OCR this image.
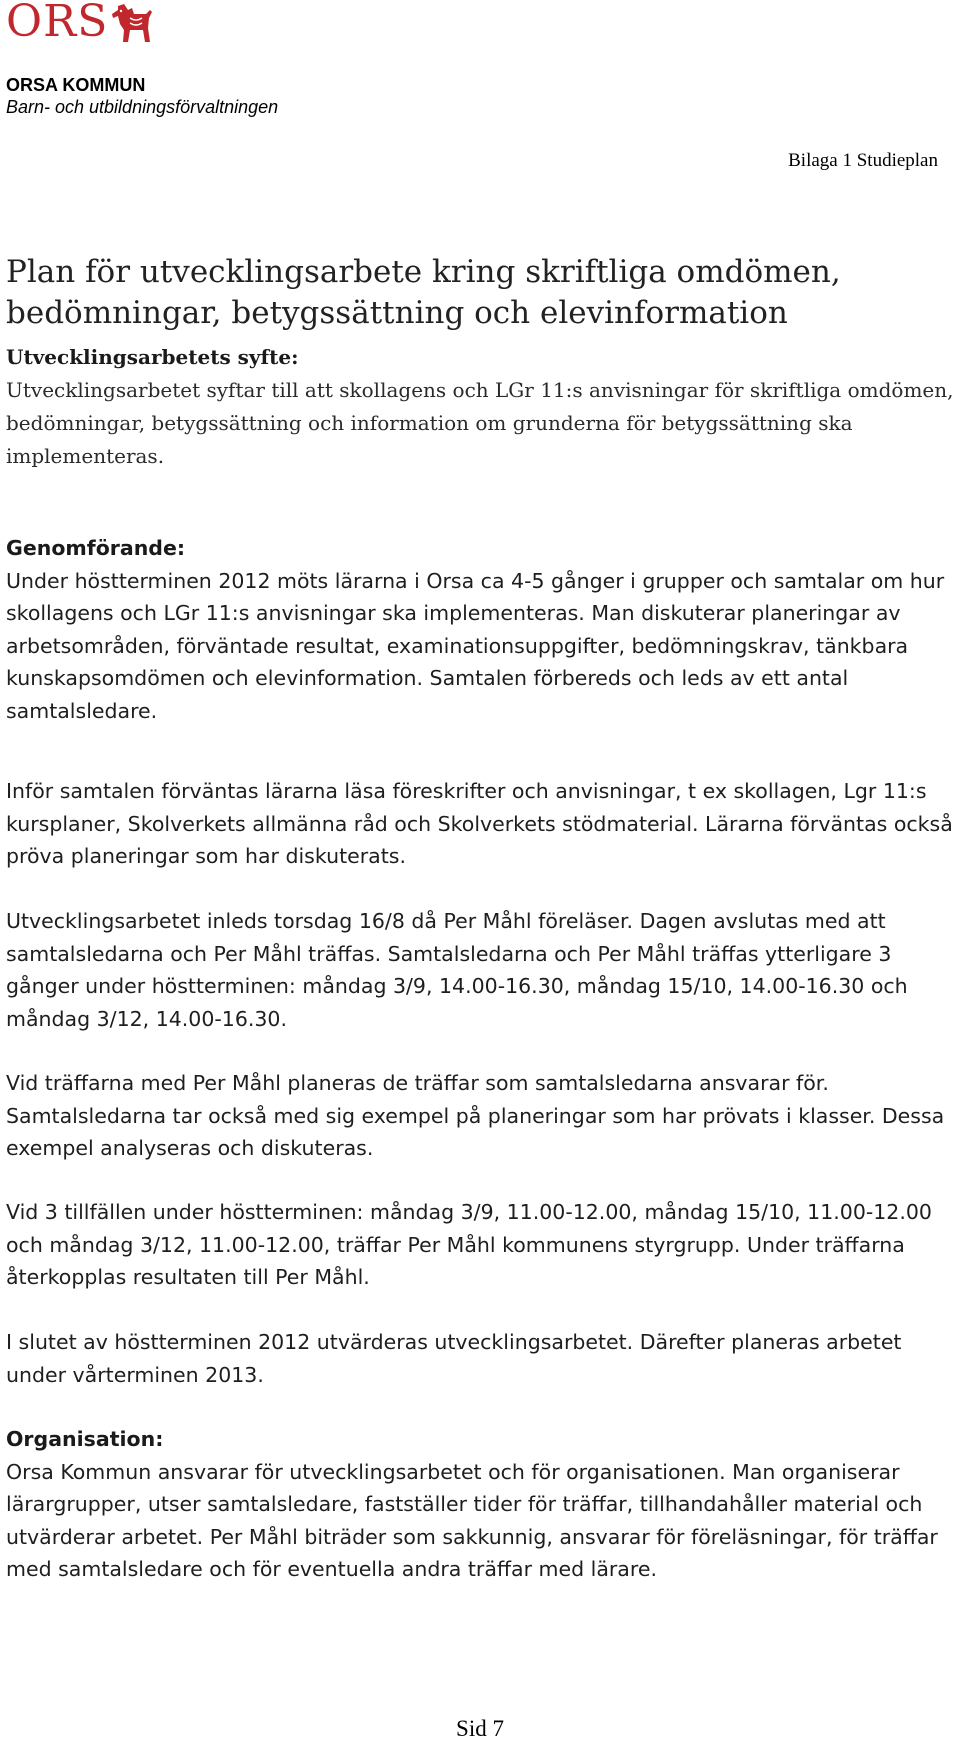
ORS
ORSA KOMMUN
Barn- och utbildningsförvaltningen
Bilaga 1 Studieplan
Plan för utvecklingsarbete kring skriftliga omdömen,
bedömningar, betygssättning och elevinformation
Utvecklingsarbetets syfte:

Utvecklingsarbetet syftar till att skollagens och LGr 11:s anvisningar för skriftliga omdömen, bedömningar, betygssättning och information om grunderna för betygssättning ska implementeras.

Genomförande:

Under höstterminen 2012 möts lärarna i Orsa ca 4-5 gånger i grupper och samtalar om hur skollagens och LGr 11:s anvisningar ska implementeras. Man diskuterar planeringar av arbetsområden, förväntade resultat, examinationsuppgifter, bedömningskrav, tänkbara kunskapsomdömen och elevinformation. Samtalen förbereds och leds av ett antal samtalsledare.

Inför samtalen förväntas lärarna läsa föreskrifter och anvisningar, t ex skollagen, Lgr 11:s kursplaner, Skolverkets allmänna råd och Skolverkets stödmaterial. Lärarna förväntas också pröva planeringar som har diskuterats.

Utvecklingsarbetet inleds torsdag 16/8 då Per Måhl föreläser. Dagen avslutas med att samtalsledarna och Per Måhl träffas. Samtalsledarna och Per Måhl träffas ytterligare 3 gånger under höstterminen: måndag 3/9, 14.00-16.30, måndag 15/10, 14.00-16.30 och måndag 3/12, 14.00-16.30.

Vid träffarna med Per Måhl planeras de träffar som samtalsledarna ansvarar för. Samtalsledarna tar också med sig exempel på planeringar som har prövats i klasser. Dessa exempel analyseras och diskuteras.

Vid 3 tillfällen under höstterminen: måndag 3/9, 11.00-12.00, måndag 15/10, 11.00-12.00 och måndag 3/12, 11.00-12.00, träffar Per Måhl kommunens styrgrupp. Under träffarna återkopplas resultaten till Per Måhl.

I slutet av höstterminen 2012 utvärderas utvecklingsarbetet. Därefter planeras arbetet under vårterminen 2013.

Organisation:

Orsa Kommun ansvarar för utvecklingsarbetet och för organisationen. Man organiserar lärargrupper, utser samtalsledare, fastställer tider för träffar, tillhandahåller material och utvärderar arbetet. Per Måhl biträder som sakkunnig, ansvarar för föreläsningar, för träffar med samtalsledare och för eventuella andra träffar med lärare.

Sid 7
